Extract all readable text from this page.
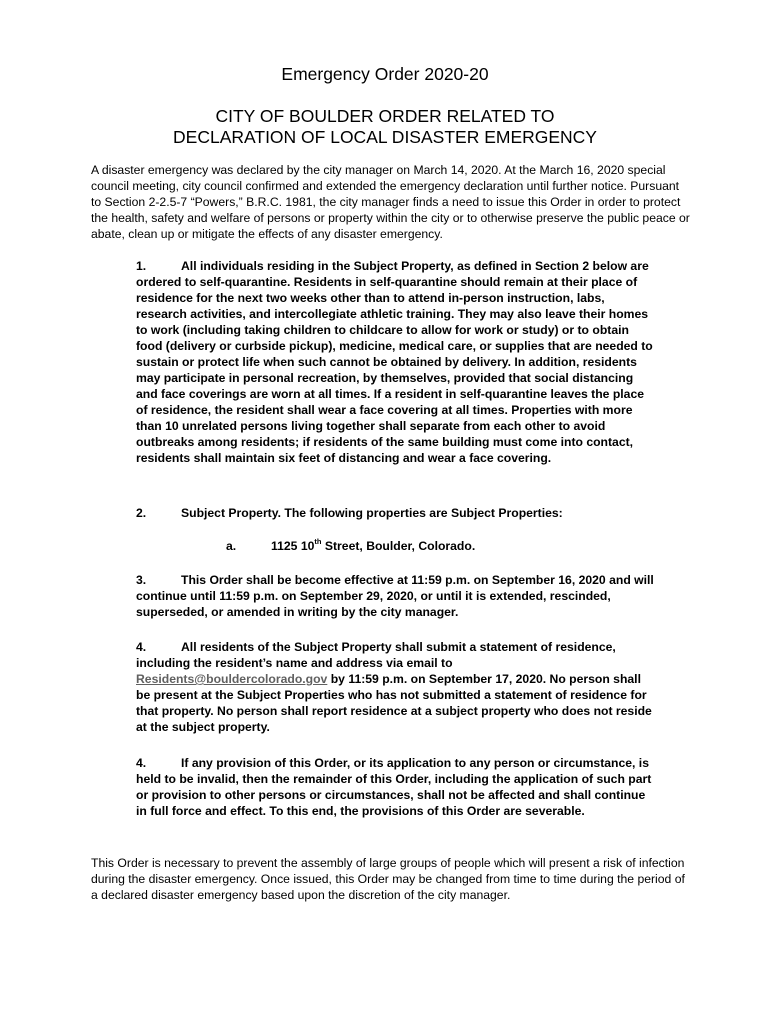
Emergency Order 2020-20
CITY OF BOULDER ORDER RELATED TO
DECLARATION OF LOCAL DISASTER EMERGENCY
A disaster emergency was declared by the city manager on March 14, 2020. At the March 16, 2020 special council meeting, city council confirmed and extended the emergency declaration until further notice. Pursuant to Section 2-2.5-7 “Powers,” B.R.C. 1981, the city manager finds a need to issue this Order in order to protect the health, safety and welfare of persons or property within the city or to otherwise preserve the public peace or abate, clean up or mitigate the effects of any disaster emergency.
1.	All individuals residing in the Subject Property, as defined in Section 2 below are ordered to self-quarantine. Residents in self-quarantine should remain at their place of residence for the next two weeks other than to attend in-person instruction, labs, research activities, and intercollegiate athletic training. They may also leave their homes to work (including taking children to childcare to allow for work or study) or to obtain food (delivery or curbside pickup), medicine, medical care, or supplies that are needed to sustain or protect life when such cannot be obtained by delivery. In addition, residents may participate in personal recreation, by themselves, provided that social distancing and face coverings are worn at all times. If a resident in self-quarantine leaves the place of residence, the resident shall wear a face covering at all times. Properties with more than 10 unrelated persons living together shall separate from each other to avoid outbreaks among residents; if residents of the same building must come into contact, residents shall maintain six feet of distancing and wear a face covering.
2.	Subject Property. The following properties are Subject Properties:
a.	1125 10th Street, Boulder, Colorado.
3.	This Order shall be become effective at 11:59 p.m. on September 16, 2020 and will continue until 11:59 p.m. on September 29, 2020, or until it is extended, rescinded, superseded, or amended in writing by the city manager.
4.	All residents of the Subject Property shall submit a statement of residence, including the resident’s name and address via email to
Residents@bouldercolorado.gov by 11:59 p.m. on September 17, 2020. No person shall be present at the Subject Properties who has not submitted a statement of residence for that property. No person shall report residence at a subject property who does not reside at the subject property.
4.	If any provision of this Order, or its application to any person or circumstance, is held to be invalid, then the remainder of this Order, including the application of such part or provision to other persons or circumstances, shall not be affected and shall continue in full force and effect. To this end, the provisions of this Order are severable.
This Order is necessary to prevent the assembly of large groups of people which will present a risk of infection during the disaster emergency. Once issued, this Order may be changed from time to time during the period of a declared disaster emergency based upon the discretion of the city manager.
